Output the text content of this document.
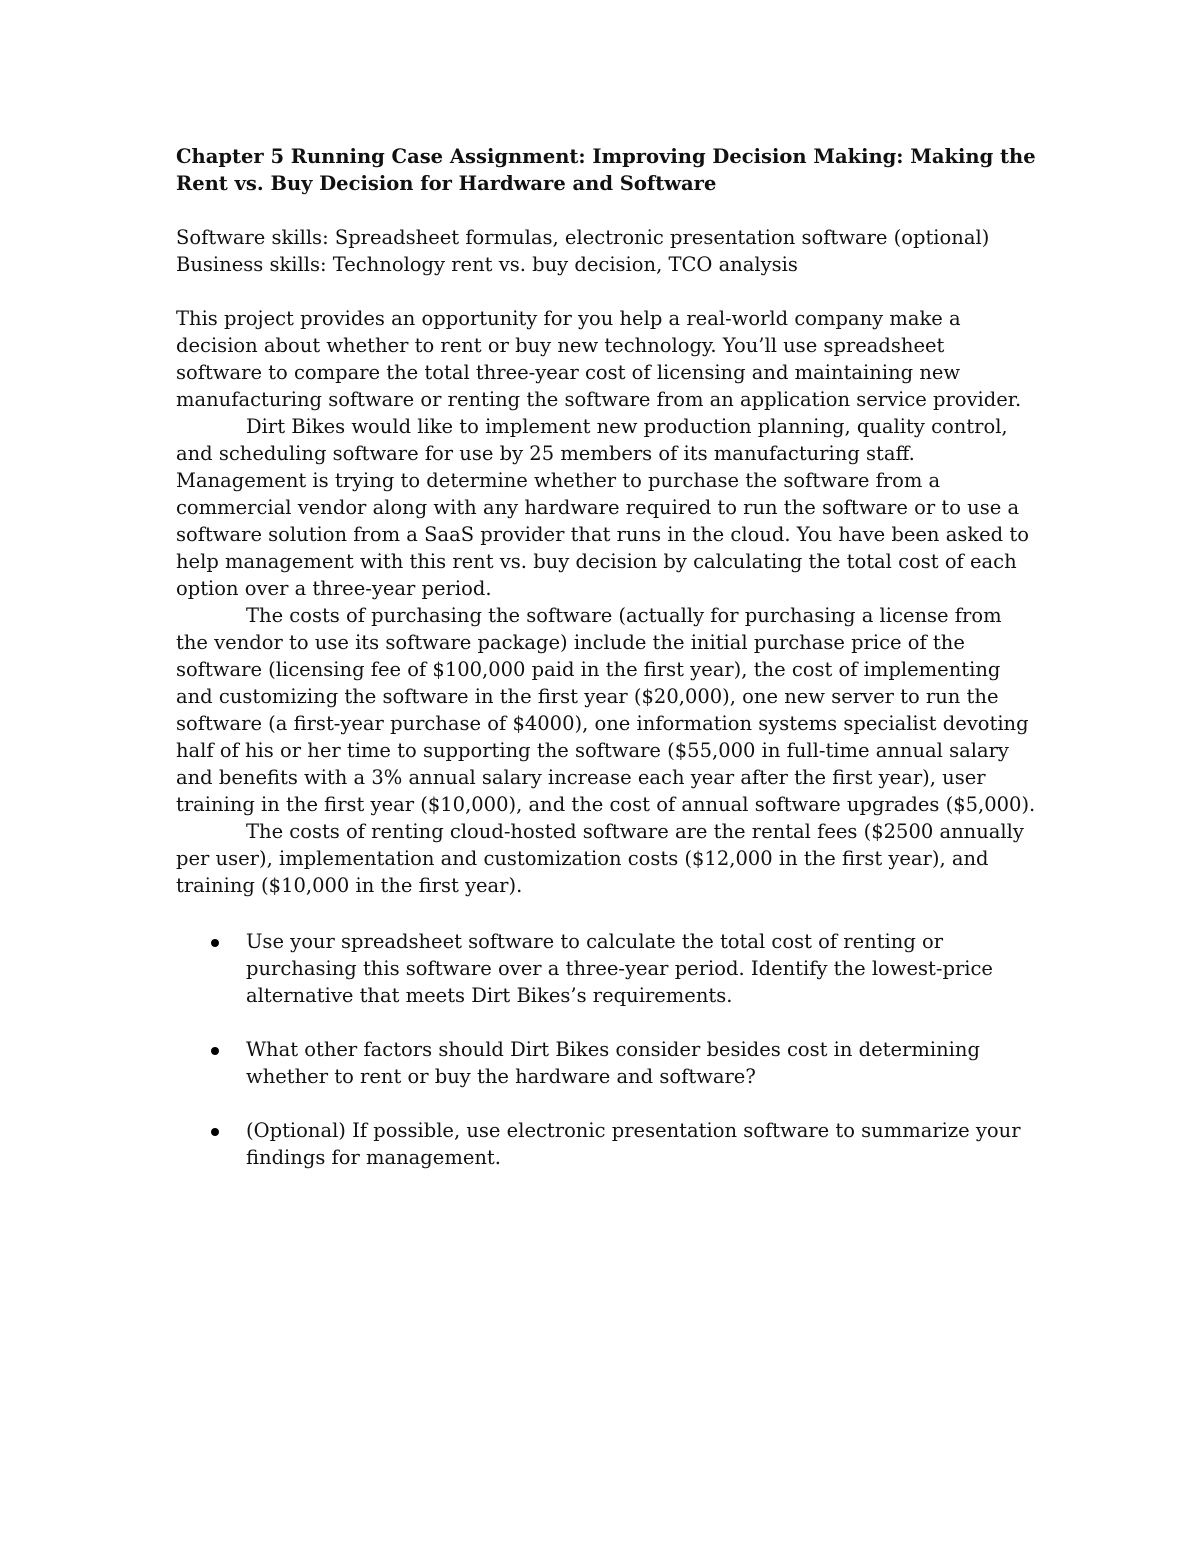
Chapter 5 Running Case Assignment: Improving Decision Making: Making the Rent vs. Buy Decision for Hardware and Software
Software skills: Spreadsheet formulas, electronic presentation software (optional)
Business skills: Technology rent vs. buy decision, TCO analysis

This project provides an opportunity for you help a real-world company make a decision about whether to rent or buy new technology. You’ll use spreadsheet software to compare the total three-year cost of licensing and maintaining new manufacturing software or renting the software from an application service provider.

Dirt Bikes would like to implement new production planning, quality control, and scheduling software for use by 25 members of its manufacturing staff. Management is trying to determine whether to purchase the software from a commercial vendor along with any hardware required to run the software or to use a software solution from a SaaS provider that runs in the cloud. You have been asked to help management with this rent vs. buy decision by calculating the total cost of each option over a three-year period.

The costs of purchasing the software (actually for purchasing a license from the vendor to use its software package) include the initial purchase price of the software (licensing fee of $100,000 paid in the first year), the cost of implementing and customizing the software in the first year ($20,000), one new server to run the software (a first-year purchase of $4000), one information systems specialist devoting half of his or her time to supporting the software ($55,000 in full-time annual salary and benefits with a 3% annual salary increase each year after the first year), user training in the first year ($10,000), and the cost of annual software upgrades ($5,000).

The costs of renting cloud-hosted software are the rental fees ($2500 annually per user), implementation and customization costs ($12,000 in the first year), and training ($10,000 in the first year).

Use your spreadsheet software to calculate the total cost of renting or purchasing this software over a three-year period. Identify the lowest-price alternative that meets Dirt Bikes’s requirements.
What other factors should Dirt Bikes consider besides cost in determining whether to rent or buy the hardware and software?
(Optional) If possible, use electronic presentation software to summarize your findings for management.
